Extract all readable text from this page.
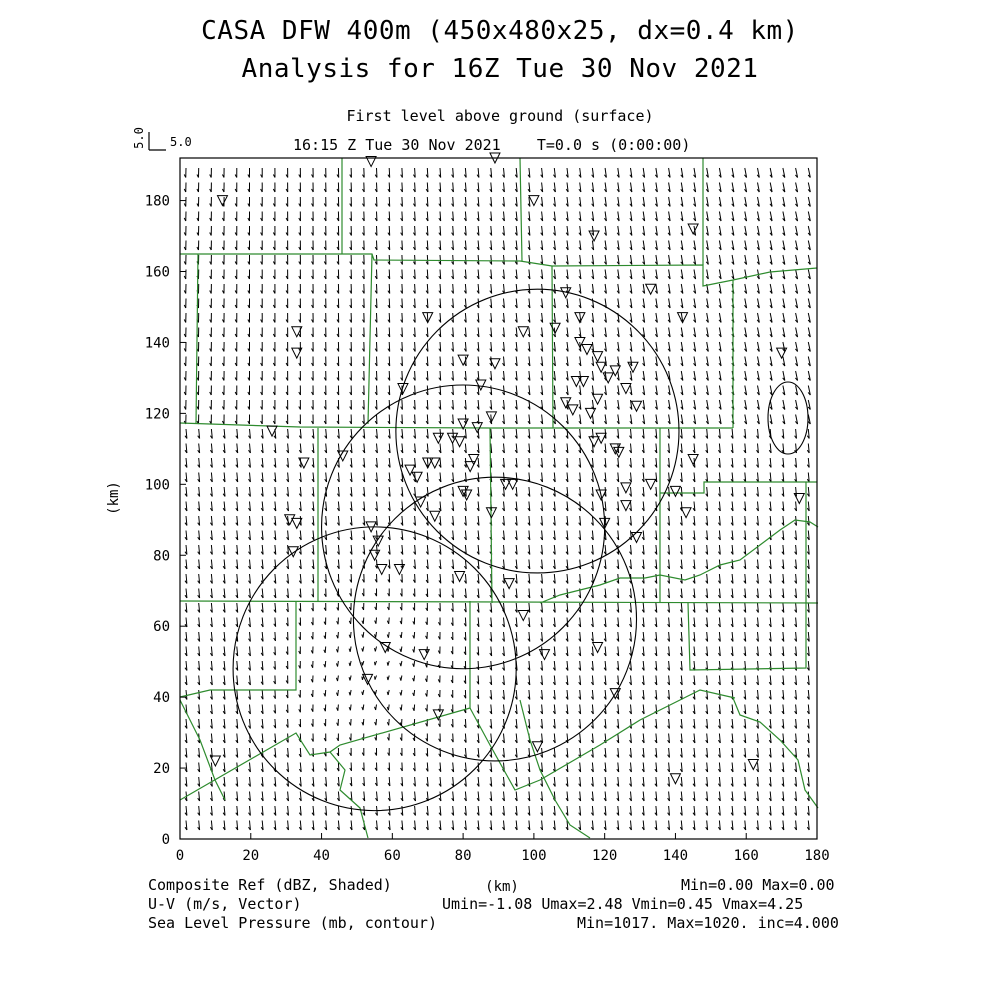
CASA DFW 400m (450x480x25, dx=0.4 km)
Analysis for 16Z Tue 30 Nov 2021
First level above ground (surface)
16:15 Z Tue 30 Nov 2021    T=0.0 s (0:00:00)
Composite Ref (dBZ, Shaded)	Min=0.00 Max=0.00
U-V (m/s, Vector)	Umin=-1.08 Umax=2.48 Vmin=0.45 Vmax=4.25
Sea Level Pressure (mb, contour)	Min=1017. Max=1020. inc=4.000
0	20	40	60	80	100	120	140	160	180
0
20
40
60
80
100
120
140
160
180
(km)
(km)
5.0 5.0
